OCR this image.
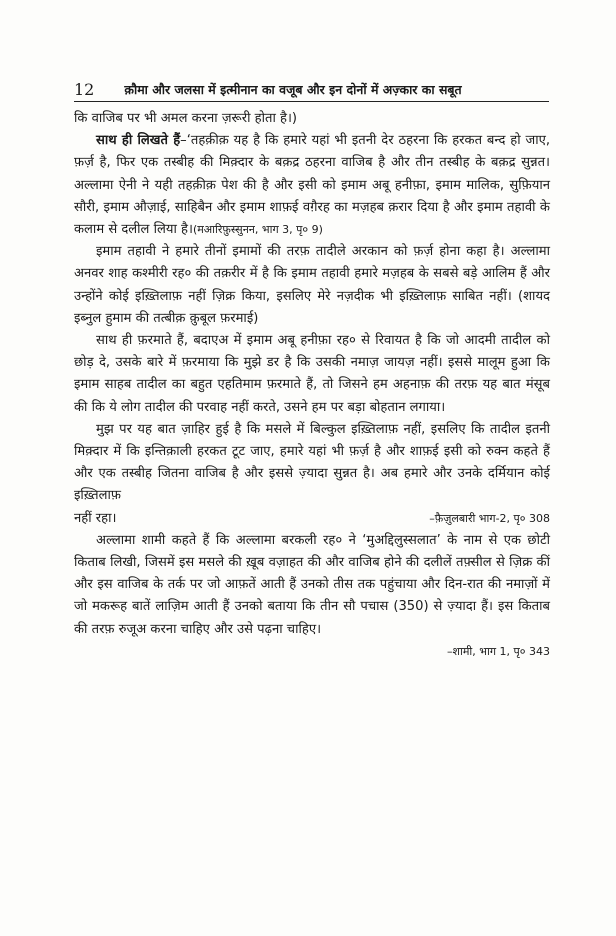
12 क़ौमा और जलसा में इत्मीनान का वजूब और इन दोनों में अज़्कार का सबूत

कि वाजिब पर भी अमल करना ज़रूरी होता है।)

साथ ही लिखते हैं–‘तहक़ीक़ यह है कि हमारे यहां भी इतनी देर ठहरना कि हरकत बन्द हो जाए, फ़र्ज़ है, फिर एक तस्बीह की मिक़्दार के बक़द्र ठहरना वाजिब है और तीन तस्बीह के बक़द्र सुन्नत। अल्लामा ऐनी ने यही तहक़ीक़ पेश की है और इसी को इमाम अबू हनीफ़ा, इमाम मालिक, सुफ़ियान सौरी, इमाम औज़ाई, साहिबैन और इमाम शाफ़ई वग़ैरह का मज़हब क़रार दिया है और इमाम तहावी के कलाम से दलील लिया है।(मआरिफ़ुस्सुनन, भाग 3, पृ० 9)

इमाम तहावी ने हमारे तीनों इमामों की तरफ़ तादीले अरकान को फ़र्ज़ होना कहा है। अल्लामा अनवर शाह कश्मीरी रह० की तक़रीर में है कि इमाम तहावी हमारे मज़हब के सबसे बड़े आलिम हैं और उन्होंने कोई इख़्तिलाफ़ नहीं ज़िक्र किया, इसलिए मेरे नज़दीक भी इख़्तिलाफ़ साबित नहीं। (शायद इब्नुल हुमाम की तत्बीक़ क़ुबूल फ़रमाई)

साथ ही फ़रमाते हैं, बदाएअ में इमाम अबू हनीफ़ा रह० से रिवायत है कि जो आदमी तादील को छोड़ दे, उसके बारे में फ़रमाया कि मुझे डर है कि उसकी नमाज़ जायज़ नहीं। इससे मालूम हुआ कि इमाम साहब तादील का बहुत एहतिमाम फ़रमाते हैं, तो जिसने हम अहनाफ़ की तरफ़ यह बात मंसूब की कि ये लोग तादील की परवाह नहीं करते, उसने हम पर बड़ा बोहतान लगाया।

मुझ पर यह बात ज़ाहिर हुई है कि मसले में बिल्कुल इख़्तिलाफ़ नहीं, इसलिए कि तादील इतनी मिक़्दार में कि इन्तिक़ाली हरकत टूट जाए, हमारे यहां भी फ़र्ज़ है और शाफ़ई इसी को रुक्न कहते हैं और एक तस्बीह जितना वाजिब है और इससे ज़्यादा सुन्नत है। अब हमारे और उनके दर्मियान कोई इख़्तिलाफ़

नहीं रहा।	–फ़ैज़ुलबारी भाग-2, पृ० 308

अल्लामा शामी कहते हैं कि अल्लामा बरकली रह० ने ‘मुअद्दिलुस्सलात’ के नाम से एक छोटी किताब लिखी, जिसमें इस मसले की ख़ूब वज़ाहत की और वाजिब होने की दलीलें तफ़्सील से ज़िक्र कीं और इस वाजिब के तर्क पर जो आफ़तें आती हैं उनको तीस तक पहुंचाया और दिन-रात की नमाज़ों में जो मकरूह बातें लाज़िम आती हैं उनको बताया कि तीन सौ पचास (350) से ज़्यादा हैं। इस किताब की तरफ़ रुजूअ करना चाहिए और उसे पढ़ना चाहिए।

–शामी, भाग 1, पृ० 343
